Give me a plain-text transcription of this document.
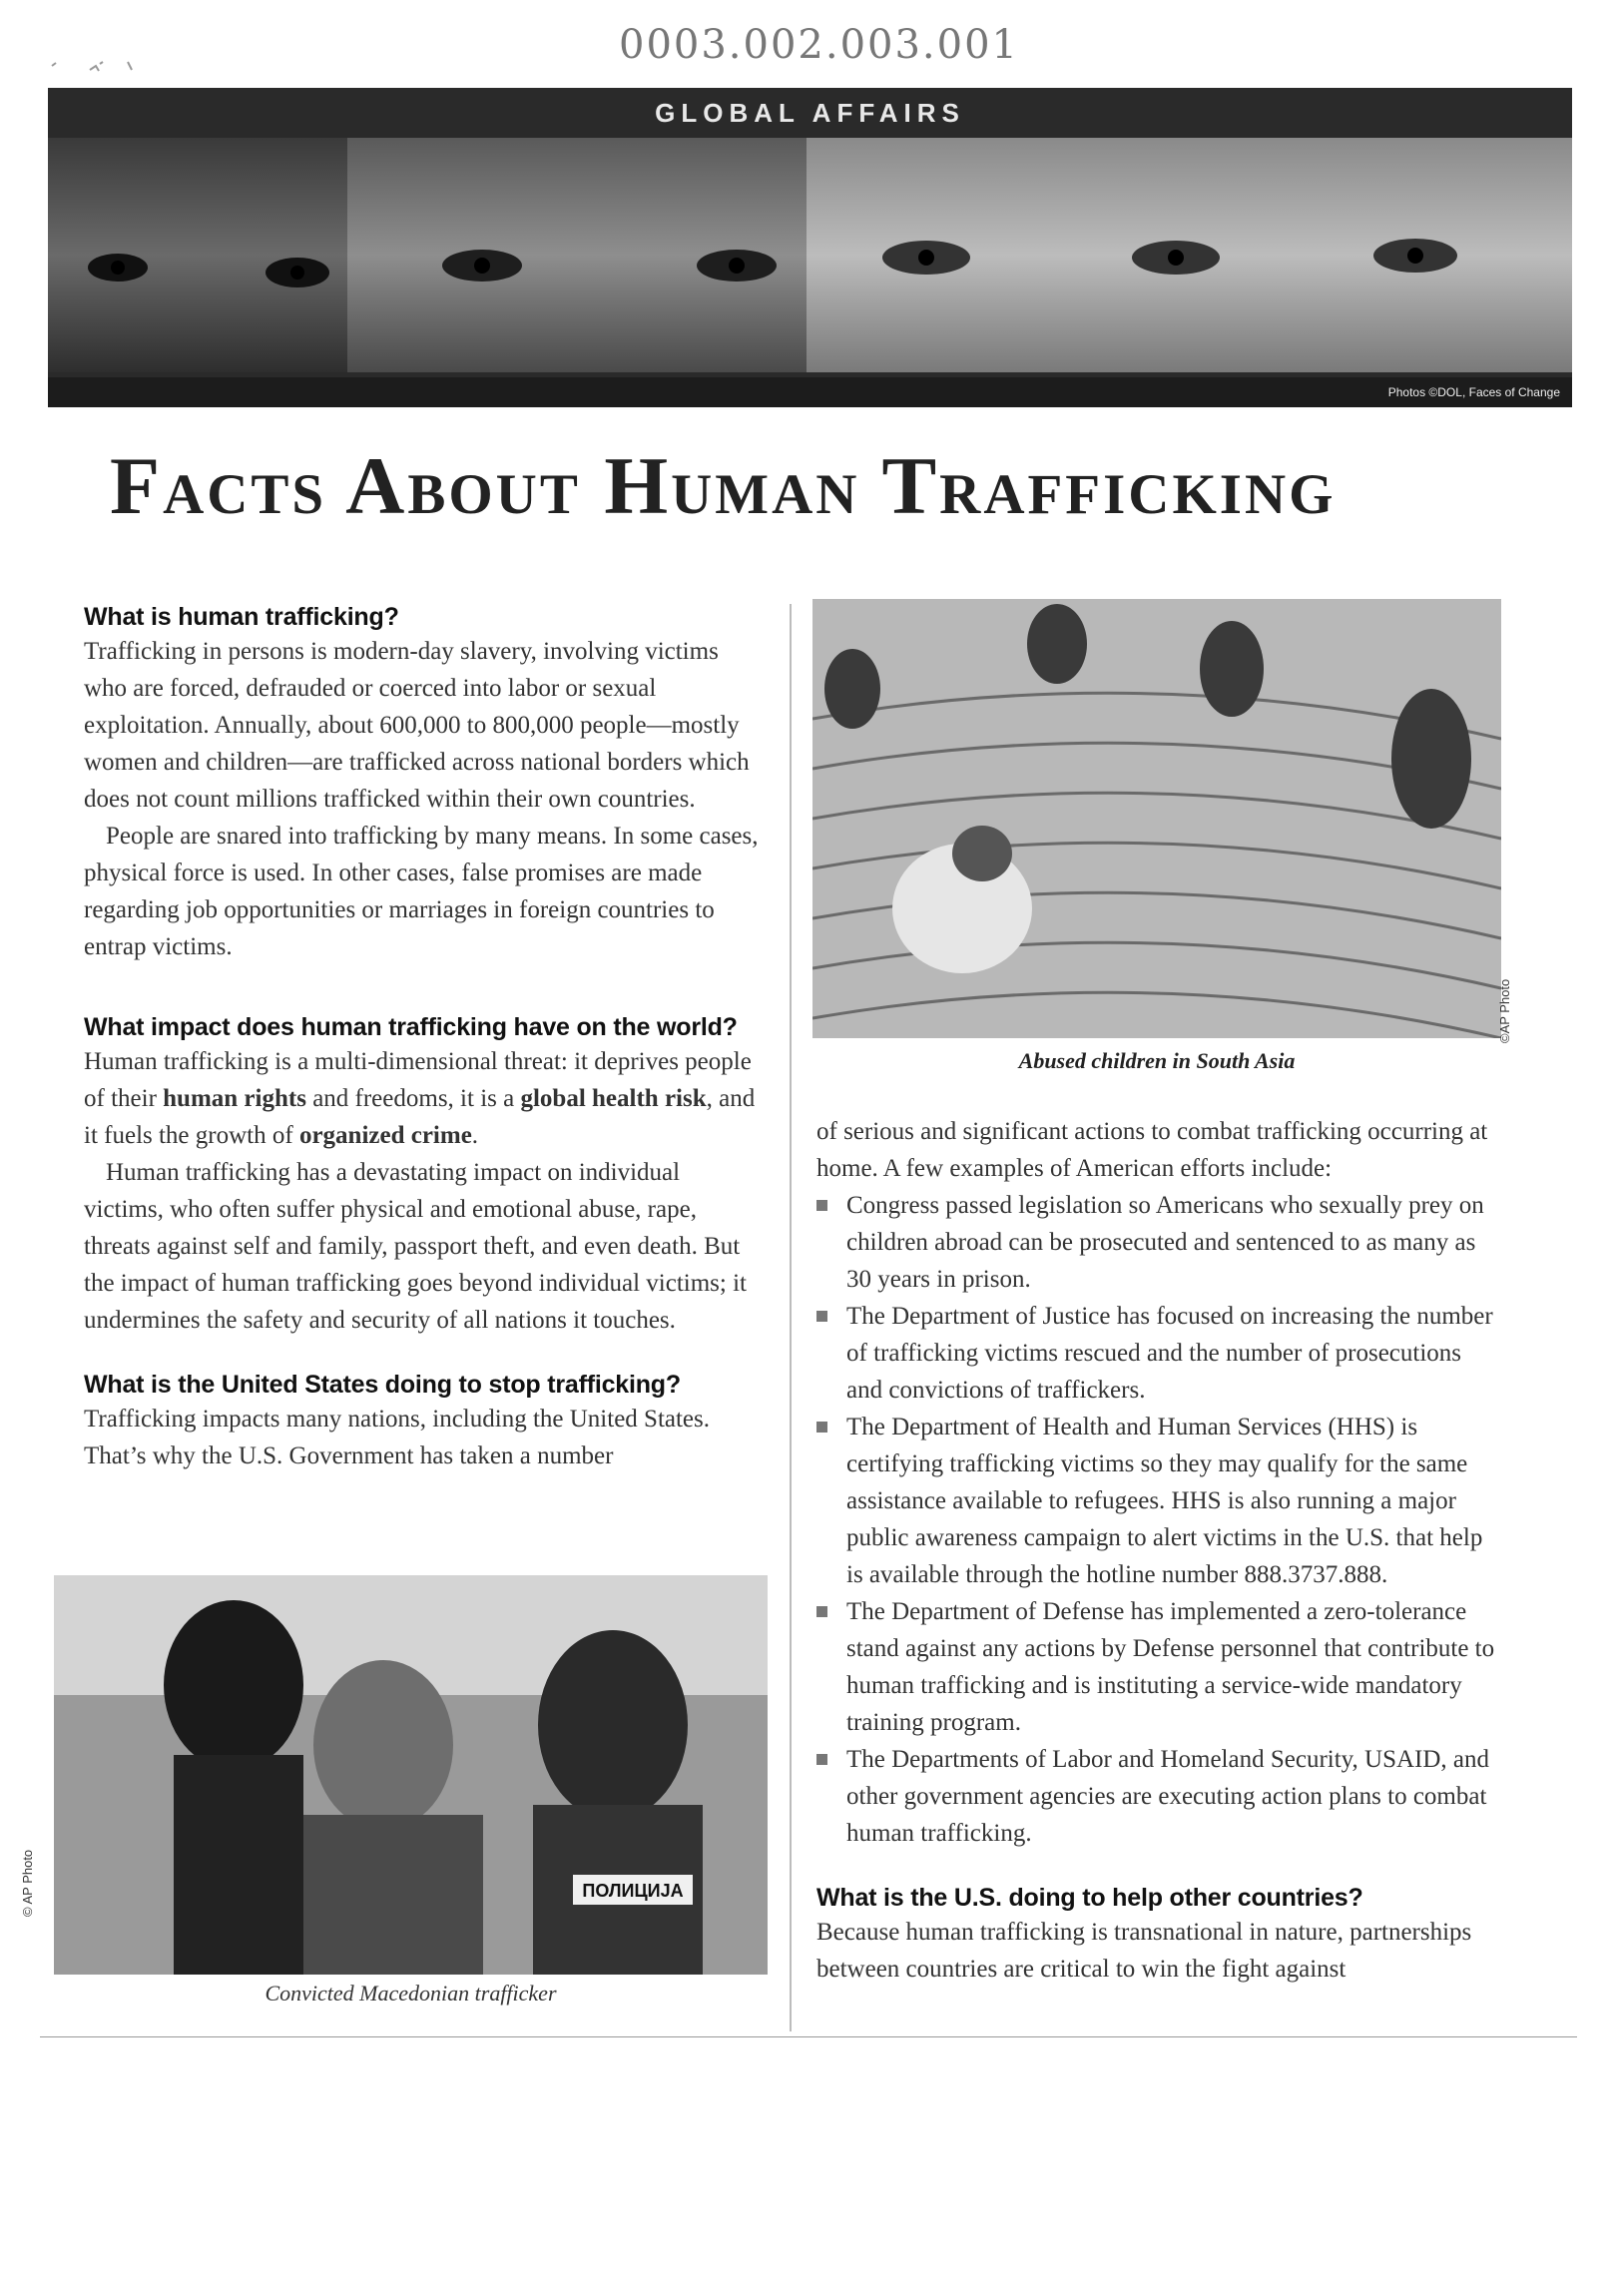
0003.002.003.001
GLOBAL AFFAIRS
Photos ©DOL, Faces of Change
Facts About Human Trafficking
What is human trafficking?

Trafficking in persons is modern-day slavery, involving victims who are forced, defrauded or coerced into labor or sexual exploitation. Annually, about 600,000 to 800,000 people—mostly women and children—are trafficked across national borders which does not count millions trafficked within their own countries.

People are snared into trafficking by many means. In some cases, physical force is used. In other cases, false promises are made regarding job opportunities or marriages in foreign countries to entrap victims.

What impact does human trafficking have on the world?

Human trafficking is a multi-dimensional threat: it deprives people of their human rights and freedoms, it is a global health risk, and it fuels the growth of organized crime.

Human trafficking has a devastating impact on individual victims, who often suffer physical and emotional abuse, rape, threats against self and family, passport theft, and even death. But the impact of human trafficking goes beyond individual victims; it undermines the safety and security of all nations it touches.

What is the United States doing to stop trafficking?

Trafficking impacts many nations, including the United States. That’s why the U.S. Government has taken a number

ПОЛИЦИЈА
Convicted Macedonian trafficker
© AP Photo
Abused children in South Asia
©AP Photo

of serious and significant actions to combat trafficking occurring at home. A few examples of American efforts include:

Congress passed legislation so Americans who sexually prey on children abroad can be prosecuted and sentenced to as many as 30 years in prison.
The Department of Justice has focused on increasing the number of trafficking victims rescued and the number of prosecutions and convictions of traffickers.
The Department of Health and Human Services (HHS) is certifying trafficking victims so they may qualify for the same assistance available to refugees. HHS is also running a major public awareness campaign to alert victims in the U.S. that help is available through the hotline number 888.3737.888.
The Department of Defense has implemented a zero-tolerance stand against any actions by Defense personnel that contribute to human trafficking and is instituting a service-wide mandatory training program.
The Departments of Labor and Homeland Security, USAID, and other government agencies are executing action plans to combat human trafficking.
What is the U.S. doing to help other countries?

Because human trafficking is transnational in nature, partnerships between countries are critical to win the fight against
